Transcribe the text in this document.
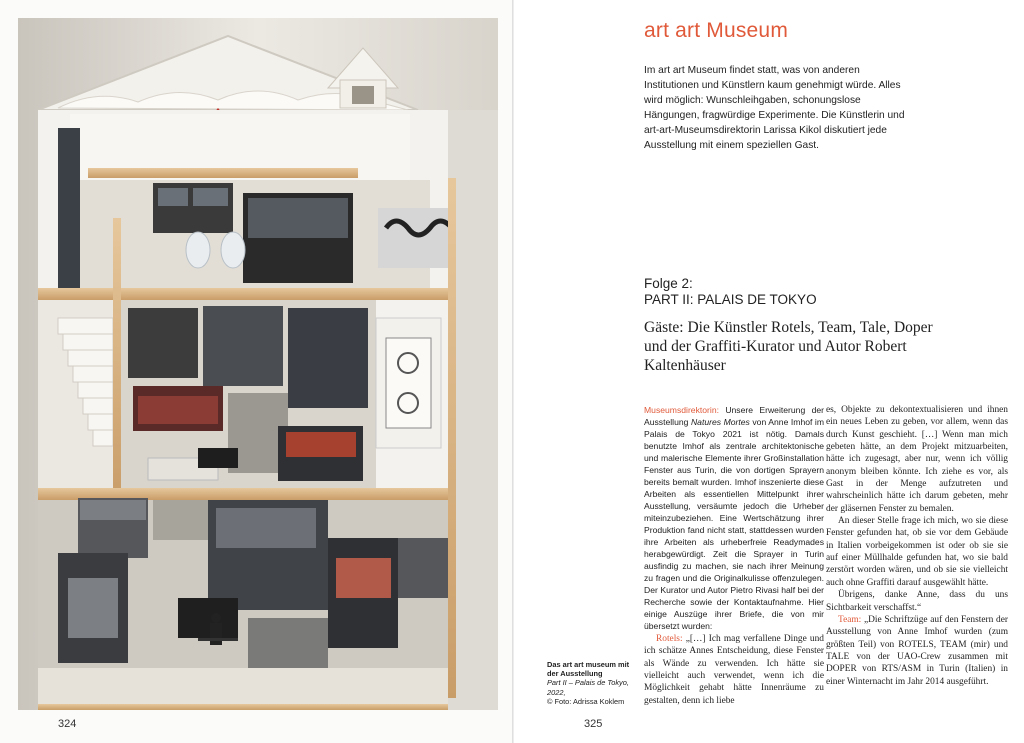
324
art art Museum
Im art art Museum findet statt, was von anderen Institutionen und Künstlern kaum genehmigt würde. Alles wird möglich: Wunschleihgaben, schonungslose Hängungen, fragwürdige Experimente. Die Künstlerin und art-art-Museumsdirektorin Larissa Kikol diskutiert jede Ausstellung mit einem speziellen Gast.
Folge 2:
PART II: PALAIS DE TOKYO
Gäste: Die Künstler Rotels, Team, Tale, Doper und der Graffiti-Kurator und Autor Robert Kaltenhäuser

Museumsdirektorin: Unsere Erweiterung der Ausstellung Natures Mortes von Anne Imhof im Palais de Tokyo 2021 ist nötig. Damals benutzte Imhof als zentrale architektonische und malerische Elemente ihrer Großinstallation Fenster aus Turin, die von dortigen Sprayern bereits bemalt wurden. Imhof inszenierte diese Arbeiten als essentiellen Mittelpunkt ihrer Ausstellung, versäumte jedoch die Urheber miteinzubeziehen. Eine Wertschätzung ihrer Produktion fand nicht statt, stattdessen wurden ihre Arbeiten als urheberfreie Readymades herabgewürdigt. Zeit die Sprayer in Turin ausfindig zu machen, sie nach ihrer Meinung zu fragen und die Originalkulisse offenzulegen. Der Kurator und Autor Pietro Rivasi half bei der Recherche sowie der Kontaktaufnahme. Hier einige Auszüge ihrer Briefe, die von mir übersetzt wurden:

Rotels: „[…] Ich mag verfallene Dinge und ich schätze Annes Entscheidung, diese Fenster als Wände zu verwenden. Ich hätte sie vielleicht auch verwendet, wenn ich die Möglichkeit gehabt hätte Innenräume zu gestalten, denn ich liebe

es, Objekte zu dekontextualisieren und ihnen ein neues Leben zu geben, vor allem, wenn das durch Kunst geschieht. […] Wenn man mich gebeten hätte, an dem Projekt mitzuarbeiten, hätte ich zugesagt, aber nur, wenn ich völlig anonym bleiben könnte. Ich ziehe es vor, als Gast in der Menge aufzutreten und wahrscheinlich hätte ich darum gebeten, mehr der gläsernen Fenster zu bemalen.

An dieser Stelle frage ich mich, wo sie diese Fenster gefunden hat, ob sie vor dem Gebäude in Italien vorbeigekommen ist oder ob sie sie auf einer Müllhalde gefunden hat, wo sie bald zerstört worden wären, und ob sie sie vielleicht auch ohne Graffiti darauf ausgewählt hätte.

Übrigens, danke Anne, dass du uns Sichtbarkeit verschaffst.“

Team: „Die Schriftzüge auf den Fenstern der Ausstellung von Anne Imhof wurden (zum größten Teil) von ROTELS, TEAM (mir) und TALE von der UAO-Crew zusammen mit DOPER von RTS/ASM in Turin (Italien) in einer Winternacht im Jahr 2014 ausgeführt.

Das art art museum mit der Ausstellung
Part II – Palais de Tokyo, 2022,
© Foto: Adrissa Koklem
325
